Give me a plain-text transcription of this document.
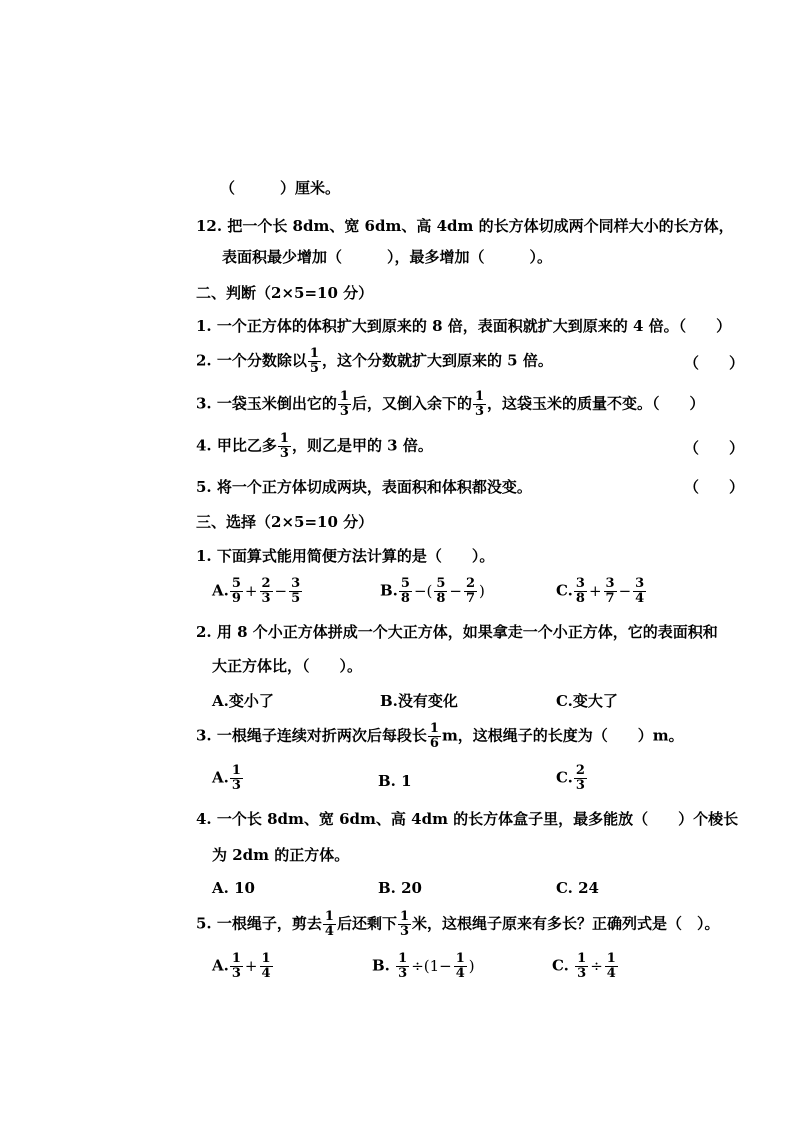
（　　　）厘米。
12. 把一个长 8dm、宽 6dm、高 4dm 的长方体切成两个同样大小的长方体，
表面积最少增加（　　　），最多增加（　　　）。
二、判断（2×5=10 分）
1. 一个正方体的体积扩大到原来的 8 倍，表面积就扩大到原来的 4 倍。（　　）
2. 一个分数除以 $\frac{1}{5}$ ，这个分数就扩大到原来的 5 倍。	（　　）
3. 一袋玉米倒出它的 $\frac{1}{3}$ 后，又倒入余下的 $\frac{1}{3}$ ，这袋玉米的质量不变。（　　）
4. 甲比乙多 $\frac{1}{3}$ ，则乙是甲的 3 倍。	（　　）
5. 将一个正方体切成两块，表面积和体积都没变。	（　　）
三、选择（2×5=10 分）
1. 下面算式能用简便方法计算的是（　　）。
A. $\frac{5}{9} + \frac{2}{3} - \frac{3}{5}$	B. $\frac{5}{8}$ −( $\frac{5}{8} - \frac{2}{7}$ )	C. $\frac{3}{8} + \frac{3}{7} - \frac{3}{4}$
2. 用 8 个小正方体拼成一个大正方体，如果拿走一个小正方体，它的表面积和
大正方体比，（　　）。
A.变小了	B.没有变化	C.变大了
3. 一根绳子连续对折两次后每段长 $\frac{1}{6}$ m，这根绳子的长度为（　　）m。
A. $\frac{1}{3}$	B. 1	C. $\frac{2}{3}$
4. 一个长 8dm、宽 6dm、高 4dm 的长方体盒子里，最多能放（　　）个棱长
为 2dm 的正方体。
A. 10	B. 20	C. 24
5. 一根绳子，剪去 $\frac{1}{4}$ 后还剩下 $\frac{1}{3}$ 米，这根绳子原来有多长？正确列式是（　）。
A. $\frac{1}{3} + \frac{1}{4}$	B. $\frac{1}{3} \div(1- \frac{1}{4}$ )	C. $\frac{1}{3} \div \frac{1}{4}$
